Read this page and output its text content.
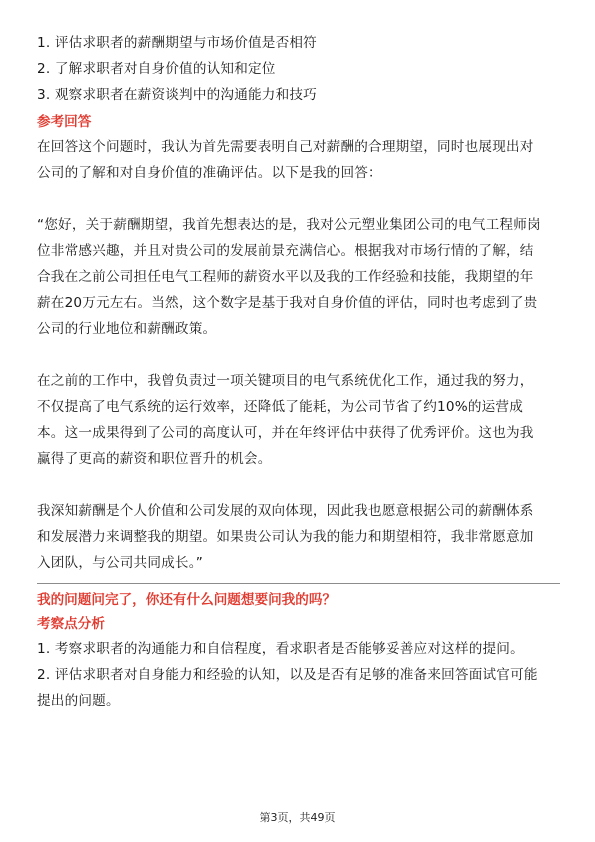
1. 评估求职者的薪酬期望与市场价值是否相符
2. 了解求职者对自身价值的认知和定位
3. 观察求职者在薪资谈判中的沟通能力和技巧
参考回答
在回答这个问题时，我认为首先需要表明自己对薪酬的合理期望，同时也展现出对
公司的了解和对自身价值的准确评估。以下是我的回答：
“您好，关于薪酬期望，我首先想表达的是，我对公元塑业集团公司的电气工程师岗
位非常感兴趣，并且对贵公司的发展前景充满信心。根据我对市场行情的了解，结
合我在之前公司担任电气工程师的薪资水平以及我的工作经验和技能，我期望的年
薪在20万元左右。当然，这个数字是基于我对自身价值的评估，同时也考虑到了贵
公司的行业地位和薪酬政策。
在之前的工作中，我曾负责过一项关键项目的电气系统优化工作，通过我的努力，
不仅提高了电气系统的运行效率，还降低了能耗，为公司节省了约10%的运营成
本。这一成果得到了公司的高度认可，并在年终评估中获得了优秀评价。这也为我
赢得了更高的薪资和职位晋升的机会。
我深知薪酬是个人价值和公司发展的双向体现，因此我也愿意根据公司的薪酬体系
和发展潜力来调整我的期望。如果贵公司认为我的能力和期望相符，我非常愿意加
入团队，与公司共同成长。”
我的问题问完了，你还有什么问题想要问我的吗？
考察点分析
1. 考察求职者的沟通能力和自信程度，看求职者是否能够妥善应对这样的提问。
2. 评估求职者对自身能力和经验的认知，以及是否有足够的准备来回答面试官可能
提出的问题。
第3页，共49页
